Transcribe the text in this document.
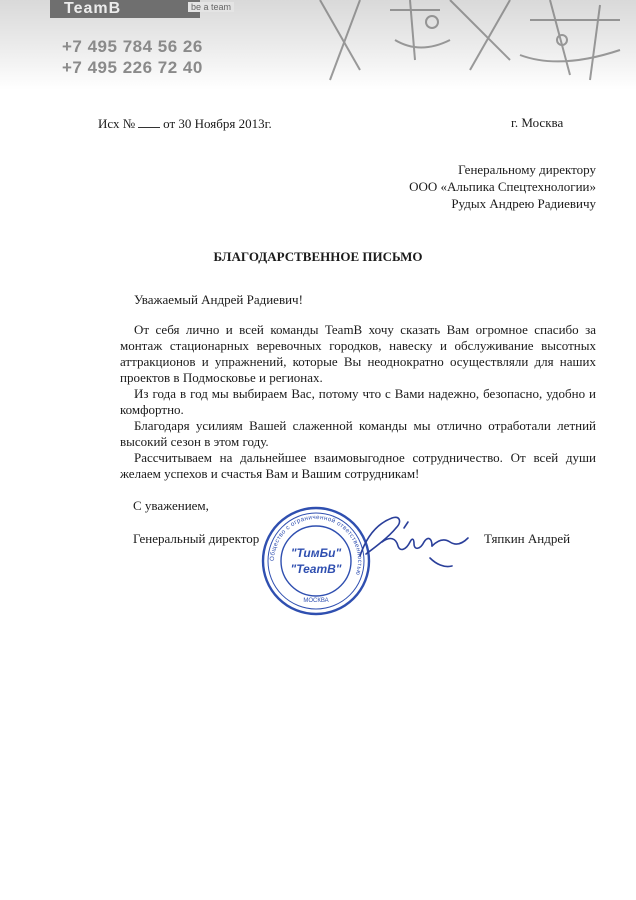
TeamB	be a team
+7 495 784 56 26
+7 495 226 72 40
Исх № от 30 Ноября 2013г.	г. Москва
Генеральному директору
ООО «Альпика Спецтехнологии»
Рудых Андрею Радиевичу
БЛАГОДАРСТВЕННОЕ ПИСЬМО

Уважаемый Андрей Радиевич!

От себя лично и всей команды TeamB хочу сказать Вам огромное спасибо за монтаж стационарных веревочных городков, навеску и обслуживание высотных аттракционов и упражнений, которые Вы неоднократно осуществляли для наших проектов в Подмосковье и регионах.

Из года в год мы выбираем Вас, потому что с Вами надежно, безопасно, удобно и комфортно.

Благодаря усилиям Вашей слаженной команды мы отлично отработали летний высокий сезон в этом году.

Рассчитываем на дальнейшее взаимовыгодное сотрудничество. От всей души желаем успехов и счастья Вам и Вашим сотрудникам!

С уважением,
Генеральный директор	Тяпкин Андрей
Общество с ограниченной ответственностью
"ТимБи"
"TeamB"
МОСКВА
